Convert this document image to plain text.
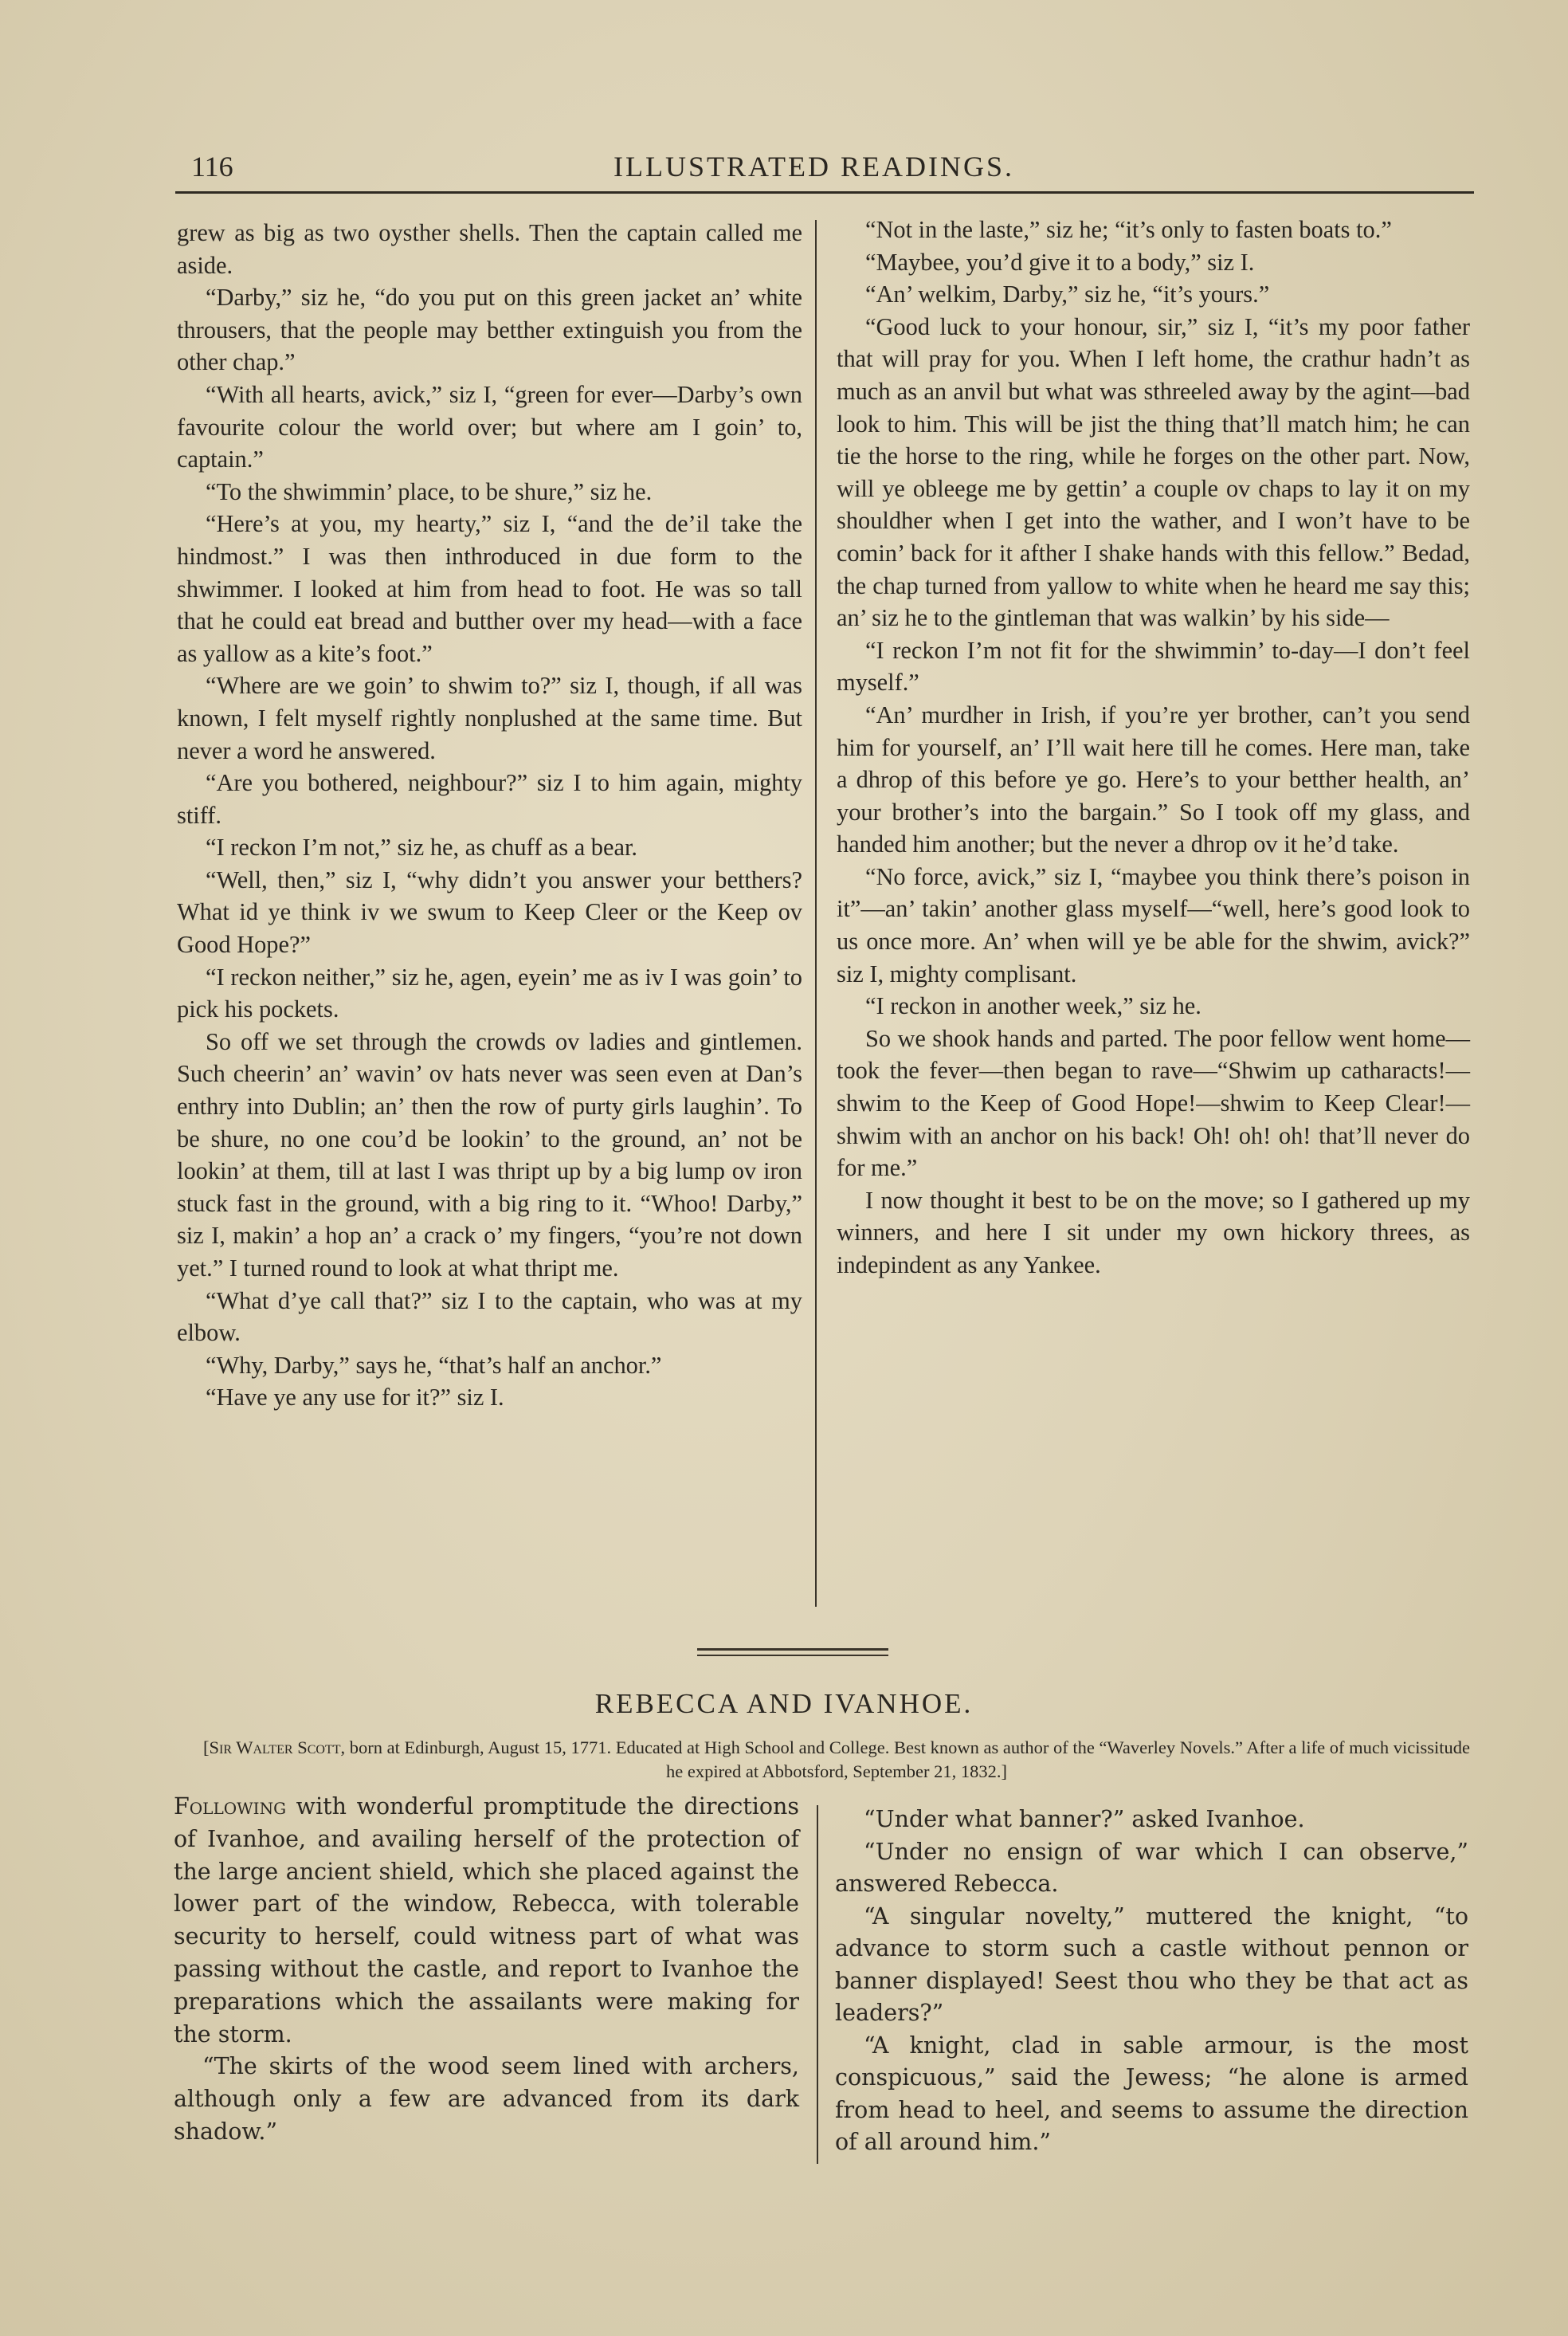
116	ILLUSTRATED READINGS.

grew as big as two oysther shells. Then the captain called me aside.

“Darby,” siz he, “do you put on this green jacket an’ white throusers, that the people may betther extinguish you from the other chap.”

“With all hearts, avick,” siz I, “green for ever—Darby’s own favourite colour the world over; but where am I goin’ to, captain.”

“To the shwimmin’ place, to be shure,” siz he.

“Here’s at you, my hearty,” siz I, “and the de’il take the hindmost.” I was then inthroduced in due form to the shwimmer. I looked at him from head to foot. He was so tall that he could eat bread and butther over my head—with a face as yallow as a kite’s foot.”

“Where are we goin’ to shwim to?” siz I, though, if all was known, I felt myself rightly nonplushed at the same time. But never a word he answered.

“Are you bothered, neighbour?” siz I to him again, mighty stiff.

“I reckon I’m not,” siz he, as chuff as a bear.

“Well, then,” siz I, “why didn’t you answer your betthers? What id ye think iv we swum to Keep Cleer or the Keep ov Good Hope?”

“I reckon neither,” siz he, agen, eyein’ me as iv I was goin’ to pick his pockets.

So off we set through the crowds ov ladies and gintlemen. Such cheerin’ an’ wavin’ ov hats never was seen even at Dan’s enthry into Dublin; an’ then the row of purty girls laughin’. To be shure, no one cou’d be lookin’ to the ground, an’ not be lookin’ at them, till at last I was thript up by a big lump ov iron stuck fast in the ground, with a big ring to it. “Whoo! Darby,” siz I, makin’ a hop an’ a crack o’ my fingers, “you’re not down yet.” I turned round to look at what thript me.

“What d’ye call that?” siz I to the captain, who was at my elbow.

“Why, Darby,” says he, “that’s half an anchor.”

“Have ye any use for it?” siz I.

“Not in the laste,” siz he; “it’s only to fasten boats to.”

“Maybee, you’d give it to a body,” siz I.

“An’ welkim, Darby,” siz he, “it’s yours.”

“Good luck to your honour, sir,” siz I, “it’s my poor father that will pray for you. When I left home, the crathur hadn’t as much as an anvil but what was sthreeled away by the agint—bad look to him. This will be jist the thing that’ll match him; he can tie the horse to the ring, while he forges on the other part. Now, will ye obleege me by gettin’ a couple ov chaps to lay it on my shouldher when I get into the wather, and I won’t have to be comin’ back for it afther I shake hands with this fellow.” Bedad, the chap turned from yallow to white when he heard me say this; an’ siz he to the gintleman that was walkin’ by his side—

“I reckon I’m not fit for the shwimmin’ to-day—I don’t feel myself.”

“An’ murdher in Irish, if you’re yer brother, can’t you send him for yourself, an’ I’ll wait here till he comes. Here man, take a dhrop of this before ye go. Here’s to your betther health, an’ your brother’s into the bargain.” So I took off my glass, and handed him another; but the never a dhrop ov it he’d take.

“No force, avick,” siz I, “maybee you think there’s poison in it”—an’ takin’ another glass myself—“well, here’s good look to us once more. An’ when will ye be able for the shwim, avick?” siz I, mighty complisant.

“I reckon in another week,” siz he.

So we shook hands and parted. The poor fellow went home—took the fever—then began to rave—“Shwim up catharacts!—shwim to the Keep of Good Hope!—shwim to Keep Clear!—shwim with an anchor on his back! Oh! oh! oh! that’ll never do for me.”

I now thought it best to be on the move; so I gathered up my winners, and here I sit under my own hickory threes, as indepindent as any Yankee.

REBECCA AND IVANHOE.
[Sir Walter Scott, born at Edinburgh, August 15, 1771. Educated at High School and College. Best known as author of the “Waverley Novels.” After a life of much vicissitude he expired at Abbotsford, September 21, 1832.]

Following with wonderful promptitude the directions of Ivanhoe, and availing herself of the protection of the large ancient shield, which she placed against the lower part of the window, Rebecca, with tolerable security to herself, could witness part of what was passing without the castle, and report to Ivanhoe the preparations which the assailants were making for the storm.

“The skirts of the wood seem lined with archers, although only a few are advanced from its dark shadow.”

“Under what banner?” asked Ivanhoe.

“Under no ensign of war which I can observe,” answered Rebecca.

“A singular novelty,” muttered the knight, “to advance to storm such a castle without pennon or banner displayed! Seest thou who they be that act as leaders?”

“A knight, clad in sable armour, is the most conspicuous,” said the Jewess; “he alone is armed from head to heel, and seems to assume the direction of all around him.”
